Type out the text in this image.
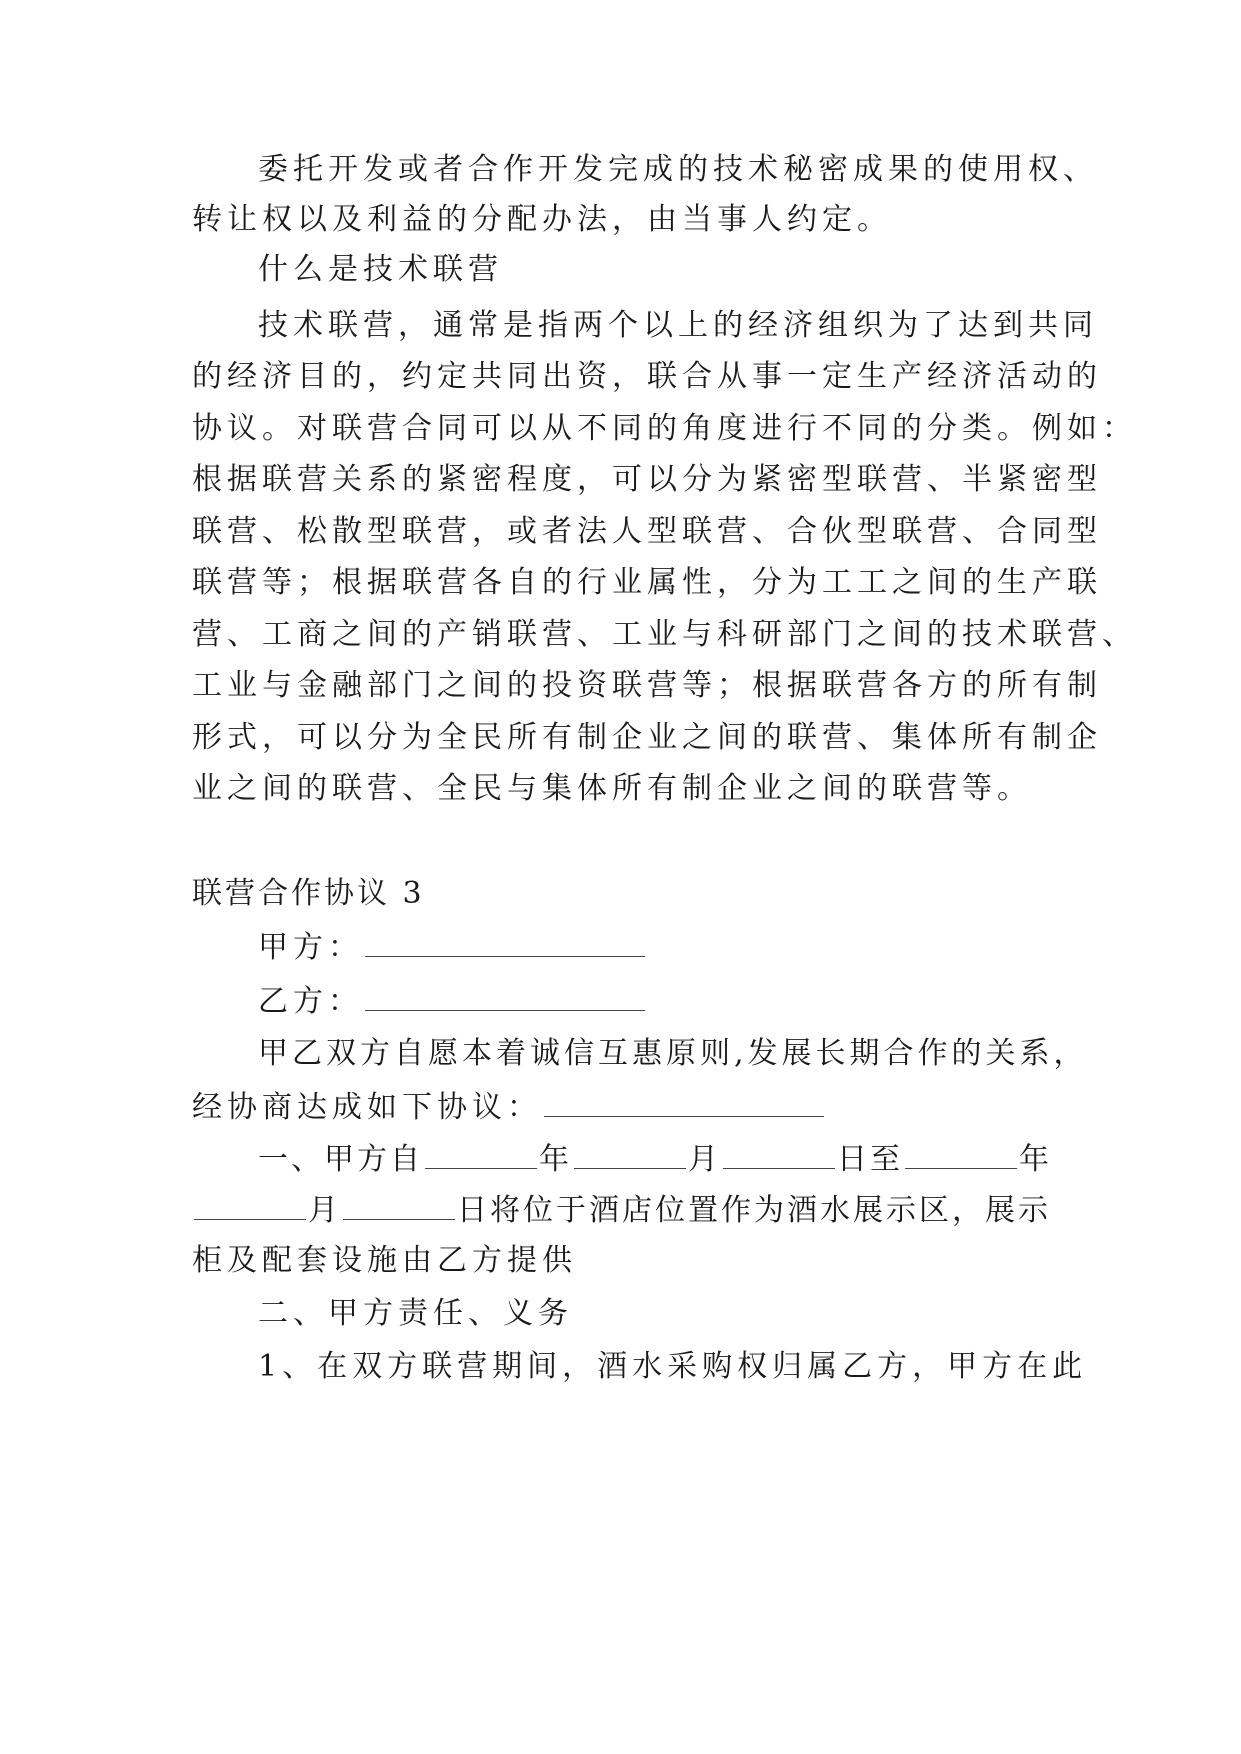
委托开发或者合作开发完成的技术秘密成果的使用权、
转让权以及利益的分配办法，由当事人约定。
什么是技术联营
技术联营，通常是指两个以上的经济组织为了达到共同
的经济目的，约定共同出资，联合从事一定生产经济活动的
协议。对联营合同可以从不同的角度进行不同的分类。例如：
根据联营关系的紧密程度，可以分为紧密型联营、半紧密型
联营、松散型联营，或者法人型联营、合伙型联营、合同型
联营等；根据联营各自的行业属性，分为工工之间的生产联
营、工商之间的产销联营、工业与科研部门之间的技术联营、
工业与金融部门之间的投资联营等；根据联营各方的所有制
形式，可以分为全民所有制企业之间的联营、集体所有制企
业之间的联营、全民与集体所有制企业之间的联营等。
联营合作协议 3
甲方：
乙方：
甲乙双方自愿本着诚信互惠原则,发展长期合作的关系，
经协商达成如下协议：
一、甲方自	年	月	日至	年
月	日将位于酒店位置作为酒水展示区，展示
柜及配套设施由乙方提供
二、甲方责任、义务
1、在双方联营期间，酒水采购权归属乙方，甲方在此
